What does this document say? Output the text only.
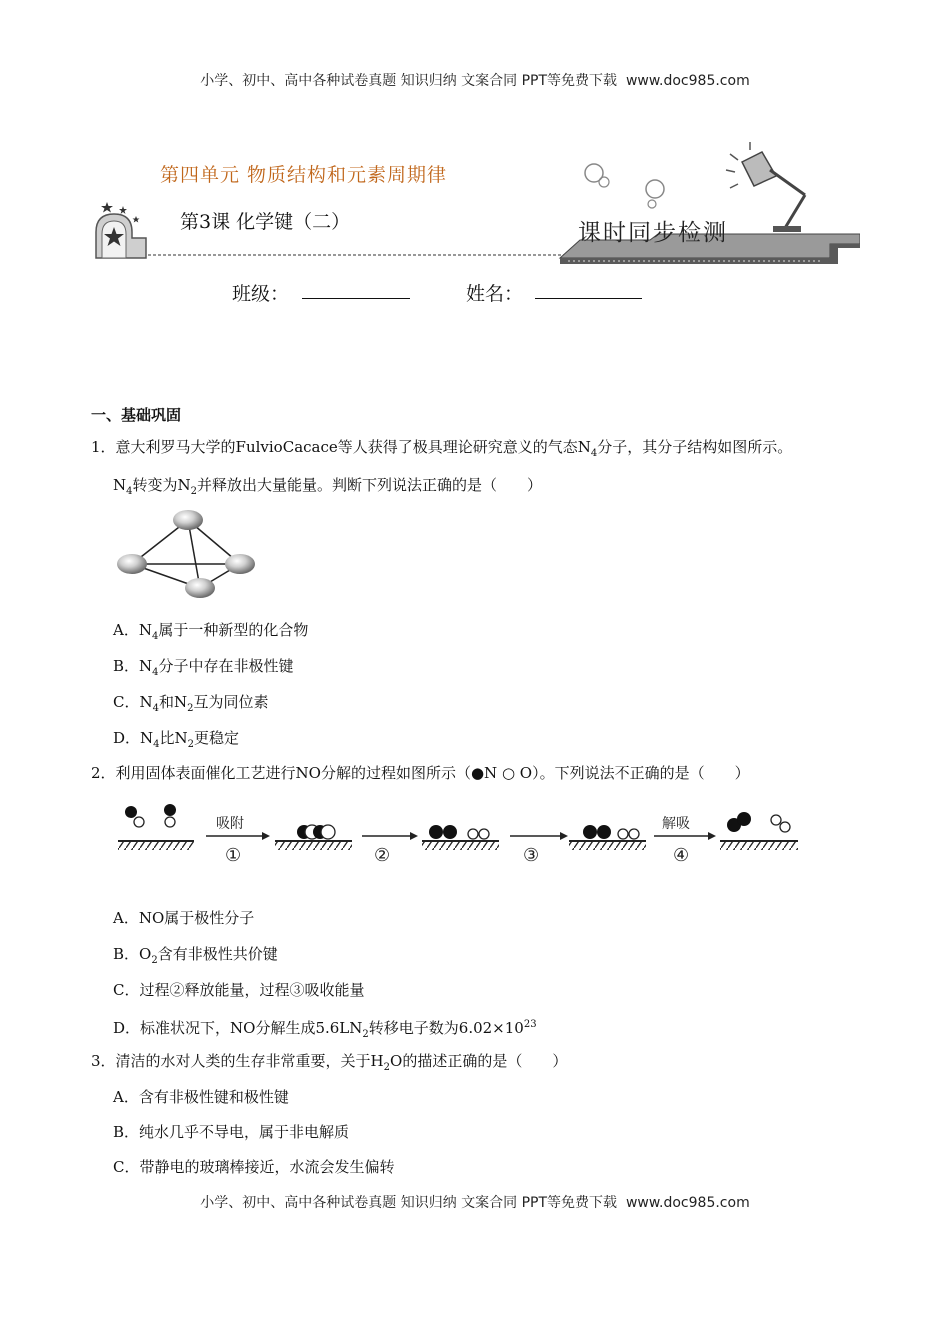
小学、初中、高中各种试卷真题 知识归纳 文案合同 PPT等免费下载 www.doc985.com
第四单元 物质结构和元素周期律
第3课 化学键（二）	课时同步检测
班级：	姓名：
一、基础巩固
1．意大利罗马大学的FulvioCacace等人获得了极具理论研究意义的气态$N_4$分子，其分子结构如图所示。
$N_4$转变为$N_2$并释放出大量能量。判断下列说法正确的是（　　）
A．$N_4$属于一种新型的化合物
B．$N_4$分子中存在非极性键
C．$N_4$和$N_2$互为同位素
D．$N_4$比$N_2$更稳定
2．利用固体表面催化工艺进行NO分解的过程如图所示（●N ○ O）。下列说法不正确的是（　　）
吸附
①	②	③
解吸
④
A．NO属于极性分子
B．$O_2$含有非极性共价键
C．过程②释放能量，过程③吸收能量
D．标准状况下，NO分解生成$5.6LN_2$转移电子数为$6.02\times 10^{23}$
3．清洁的水对人类的生存非常重要，关于$H_2O$的描述正确的是（　　）
A．含有非极性键和极性键
B．纯水几乎不导电，属于非电解质
C．带静电的玻璃棒接近，水流会发生偏转
小学、初中、高中各种试卷真题 知识归纳 文案合同 PPT等免费下载 www.doc985.com
